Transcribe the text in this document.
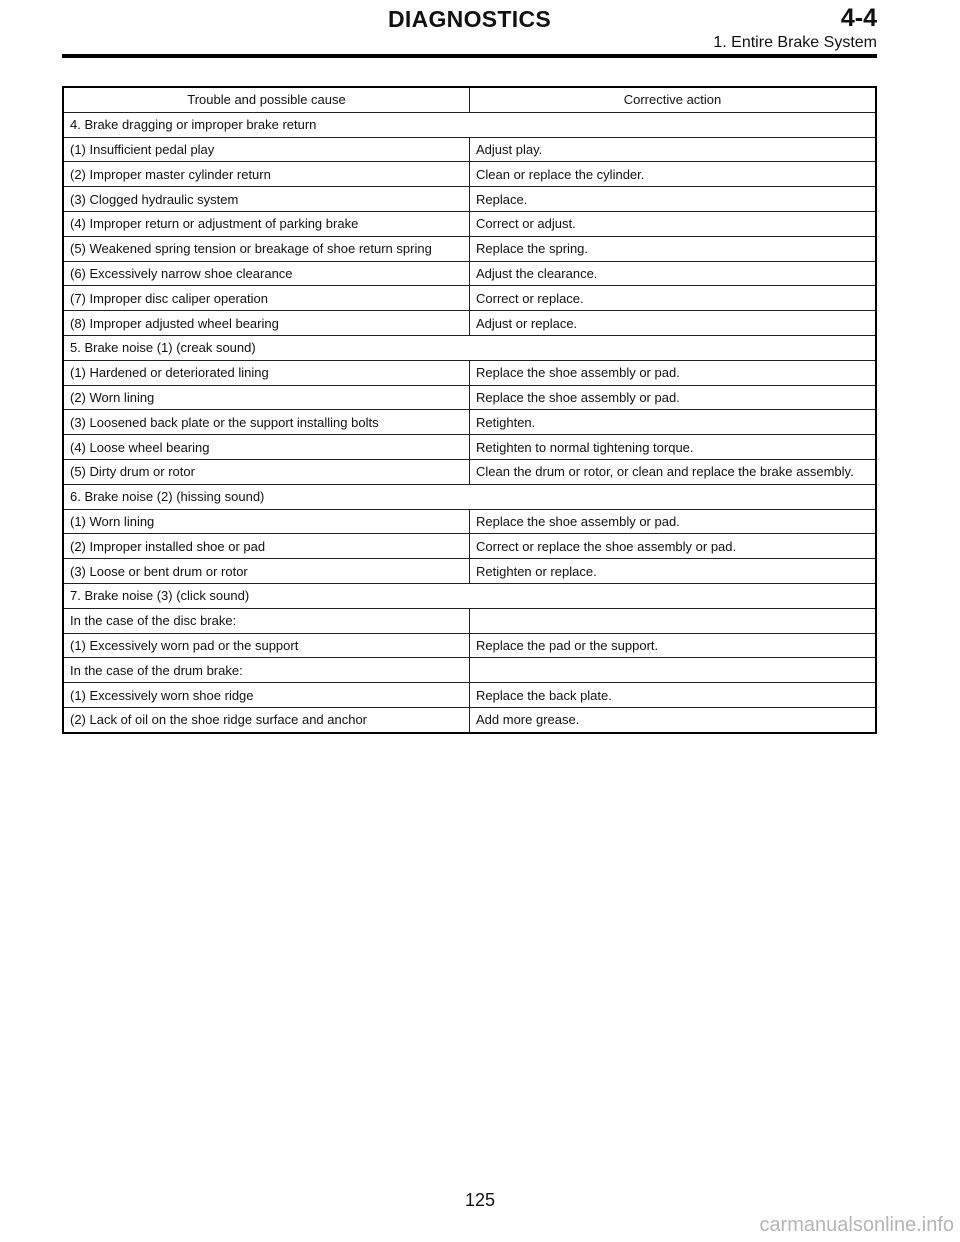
DIAGNOSTICS	4-4
1. Entire Brake System
Trouble and possible cause	Corrective action
4. Brake dragging or improper brake return	
(1) Insufficient pedal play	Adjust play.
(2) Improper master cylinder return	Clean or replace the cylinder.
(3) Clogged hydraulic system	Replace.
(4) Improper return or adjustment of parking brake	Correct or adjust.
(5) Weakened spring tension or breakage of shoe return spring	Replace the spring.
(6) Excessively narrow shoe clearance	Adjust the clearance.
(7) Improper disc caliper operation	Correct or replace.
(8) Improper adjusted wheel bearing	Adjust or replace.
5. Brake noise (1) (creak sound)	
(1) Hardened or deteriorated lining	Replace the shoe assembly or pad.
(2) Worn lining	Replace the shoe assembly or pad.
(3) Loosened back plate or the support installing bolts	Retighten.
(4) Loose wheel bearing	Retighten to normal tightening torque.
(5) Dirty drum or rotor	Clean the drum or rotor, or clean and replace the brake assembly.
6. Brake noise (2) (hissing sound)	
(1) Worn lining	Replace the shoe assembly or pad.
(2) Improper installed shoe or pad	Correct or replace the shoe assembly or pad.
(3) Loose or bent drum or rotor	Retighten or replace.
7. Brake noise (3) (click sound)	
In the case of the disc brake:	
(1) Excessively worn pad or the support	Replace the pad or the support.
In the case of the drum brake:	
(1) Excessively worn shoe ridge	Replace the back plate.
(2) Lack of oil on the shoe ridge surface and anchor	Add more grease.
125
carmanualsonline.info
